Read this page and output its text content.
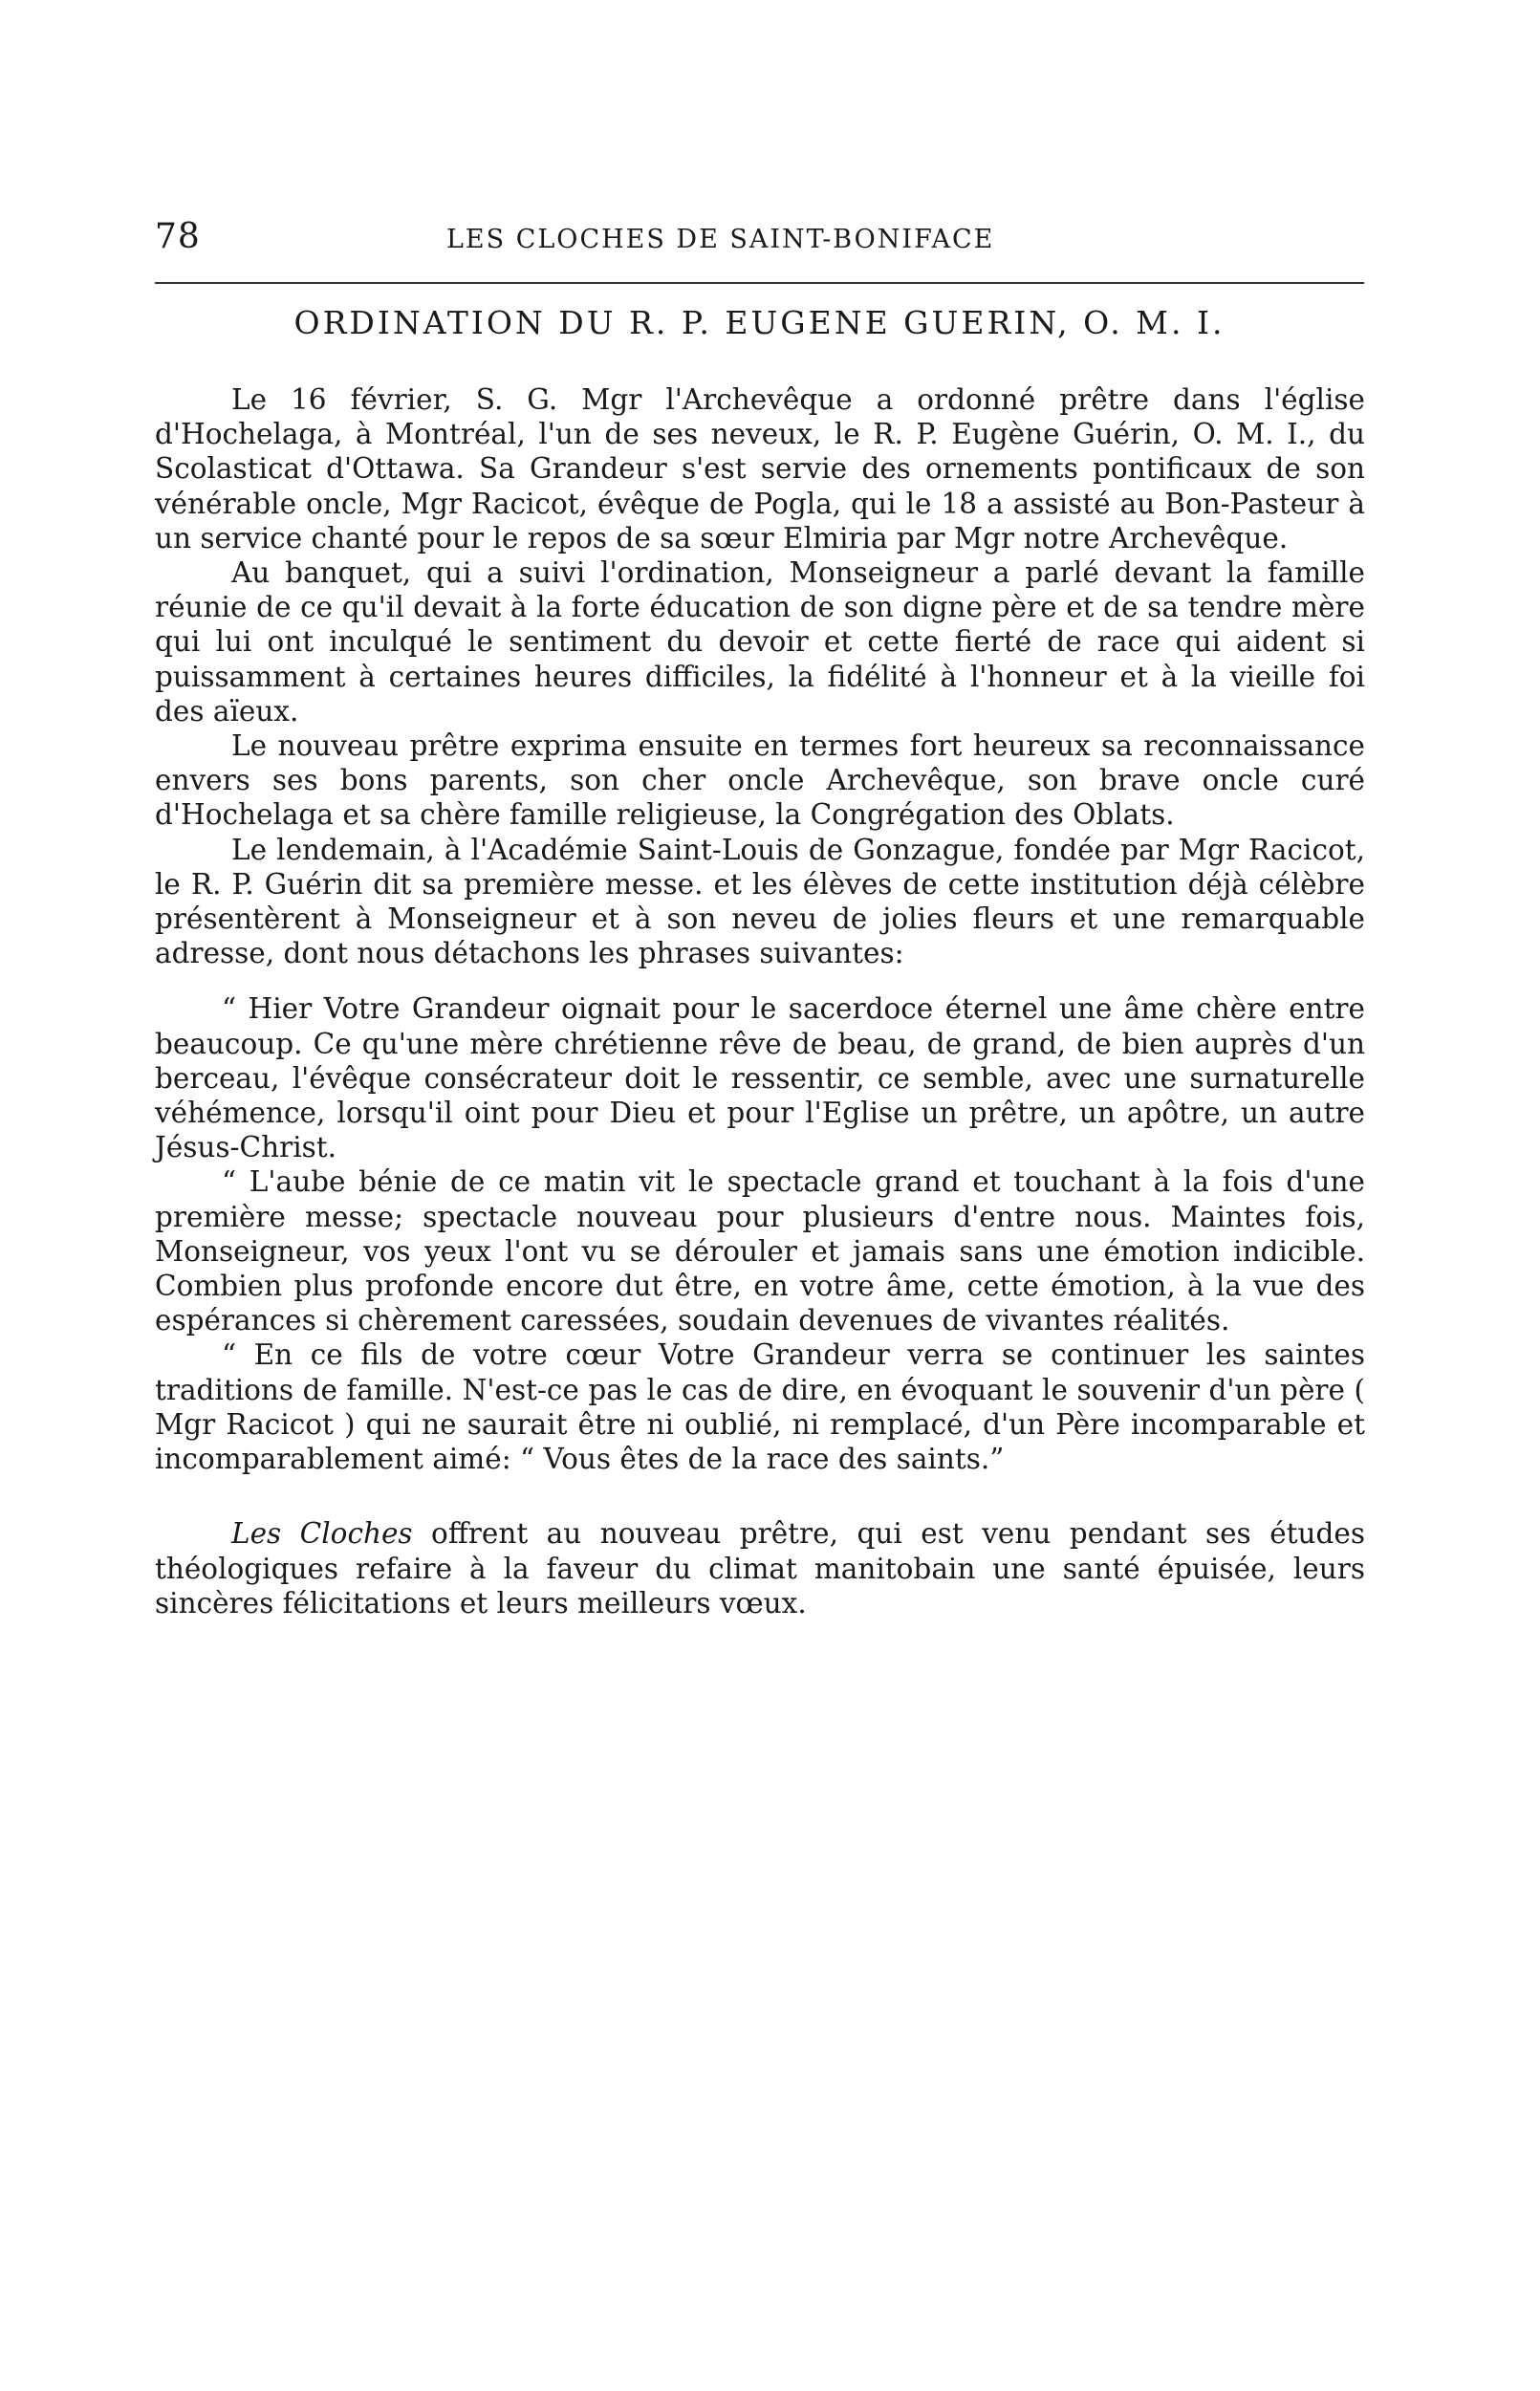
78	LES CLOCHES DE SAINT-BONIFACE
ORDINATION DU R. P. EUGENE GUERIN, O. M. I.

Le 16 février, S. G. Mgr l'Archevêque a ordonné prêtre dans l'église d'Hochelaga, à Montréal, l'un de ses neveux, le R. P. Eugène Guérin, O. M. I., du Scolasticat d'Ottawa. Sa Grandeur s'est servie des ornements pontificaux de son vénérable oncle, Mgr Racicot, évêque de Pogla, qui le 18 a assisté au Bon-Pasteur à un service chanté pour le repos de sa sœur Elmiria par Mgr notre Archevêque.

Au banquet, qui a suivi l'ordination, Monseigneur a parlé devant la famille réunie de ce qu'il devait à la forte éducation de son digne père et de sa tendre mère qui lui ont inculqué le sentiment du devoir et cette fierté de race qui aident si puissamment à certaines heures difficiles, la fidélité à l'honneur et à la vieille foi des aïeux.

Le nouveau prêtre exprima ensuite en termes fort heureux sa reconnaissance envers ses bons parents, son cher oncle Archevêque, son brave oncle curé d'Hochelaga et sa chère famille religieuse, la Congrégation des Oblats.

Le lendemain, à l'Académie Saint-Louis de Gonzague, fondée par Mgr Racicot, le R. P. Guérin dit sa première messe. et les élèves de cette institution déjà célèbre présentèrent à Monseigneur et à son neveu de jolies fleurs et une remarquable adresse, dont nous détachons les phrases suivantes:

“ Hier Votre Grandeur oignait pour le sacerdoce éternel une âme chère entre beaucoup. Ce qu'une mère chrétienne rêve de beau, de grand, de bien auprès d'un berceau, l'évêque consécrateur doit le ressentir, ce semble, avec une surnaturelle véhémence, lorsqu'il oint pour Dieu et pour l'Eglise un prêtre, un apôtre, un autre Jésus-Christ.

“ L'aube bénie de ce matin vit le spectacle grand et touchant à la fois d'une première messe; spectacle nouveau pour plusieurs d'entre nous. Maintes fois, Monseigneur, vos yeux l'ont vu se dérouler et jamais sans une émotion indicible. Combien plus profonde encore dut être, en votre âme, cette émotion, à la vue des espérances si chèrement caressées, soudain devenues de vivantes réalités.

“ En ce fils de votre cœur Votre Grandeur verra se continuer les saintes traditions de famille. N'est-ce pas le cas de dire, en évoquant le souvenir d'un père ( Mgr Racicot ) qui ne saurait être ni oublié, ni remplacé, d'un Père incomparable et incomparablement aimé: “ Vous êtes de la race des saints.”

Les Cloches offrent au nouveau prêtre, qui est venu pendant ses études théologiques refaire à la faveur du climat manitobain une santé épuisée, leurs sincères félicitations et leurs meilleurs vœux.
